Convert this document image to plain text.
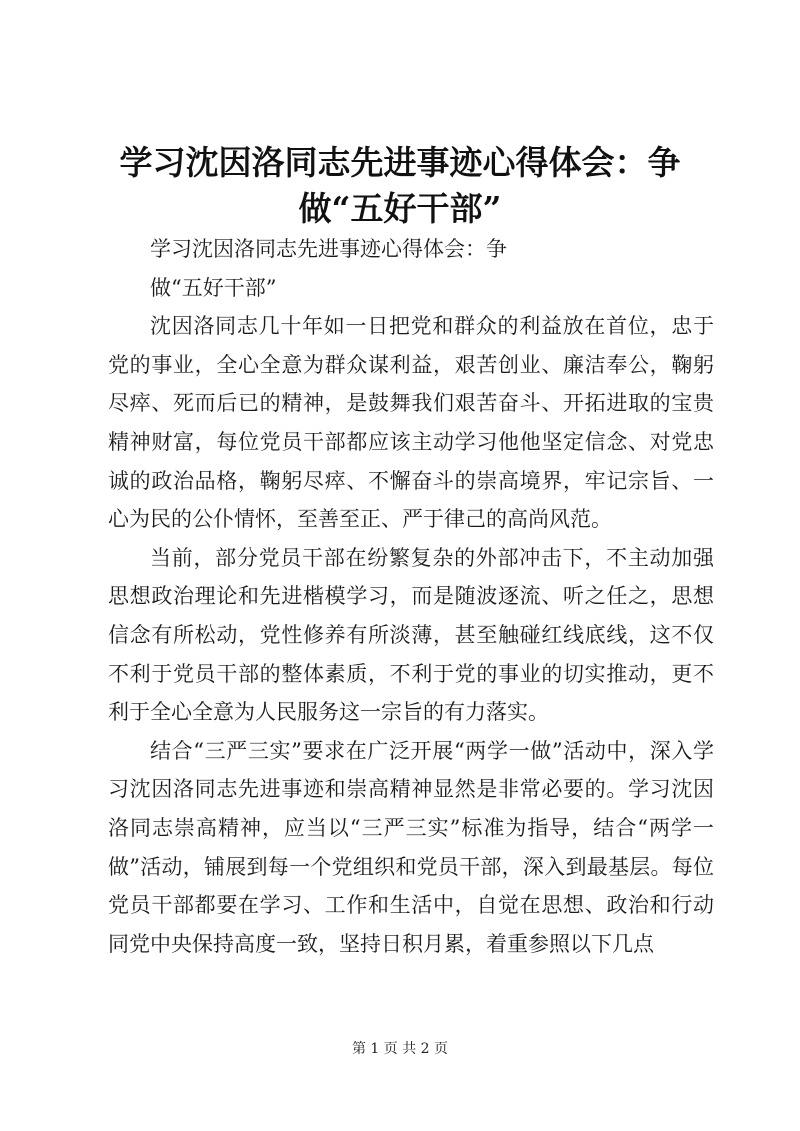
学习沈因洛同志先进事迹心得体会：争做“五好干部”

学习沈因洛同志先进事迹心得体会：争

做“五好干部”

沈因洛同志几十年如一日把党和群众的利益放在首位，忠于党的事业，全心全意为群众谋利益，艰苦创业、廉洁奉公，鞠躬尽瘁、死而后已的精神，是鼓舞我们艰苦奋斗、开拓进取的宝贵精神财富，每位党员干部都应该主动学习他他坚定信念、对党忠诚的政治品格，鞠躬尽瘁、不懈奋斗的崇高境界，牢记宗旨、一心为民的公仆情怀，至善至正、严于律己的高尚风范。

当前，部分党员干部在纷繁复杂的外部冲击下，不主动加强思想政治理论和先进楷模学习，而是随波逐流、听之任之，思想信念有所松动，党性修养有所淡薄，甚至触碰红线底线，这不仅不利于党员干部的整体素质，不利于党的事业的切实推动，更不利于全心全意为人民服务这一宗旨的有力落实。

结合“三严三实”要求在广泛开展“两学一做”活动中，深入学习沈因洛同志先进事迹和崇高精神显然是非常必要的。学习沈因洛同志崇高精神，应当以“三严三实”标准为指导，结合“两学一做”活动，铺展到每一个党组织和党员干部，深入到最基层。每位党员干部都要在学习、工作和生活中，自觉在思想、政治和行动同党中央保持高度一致，坚持日积月累，着重参照以下几点

第 1 页 共 2 页
